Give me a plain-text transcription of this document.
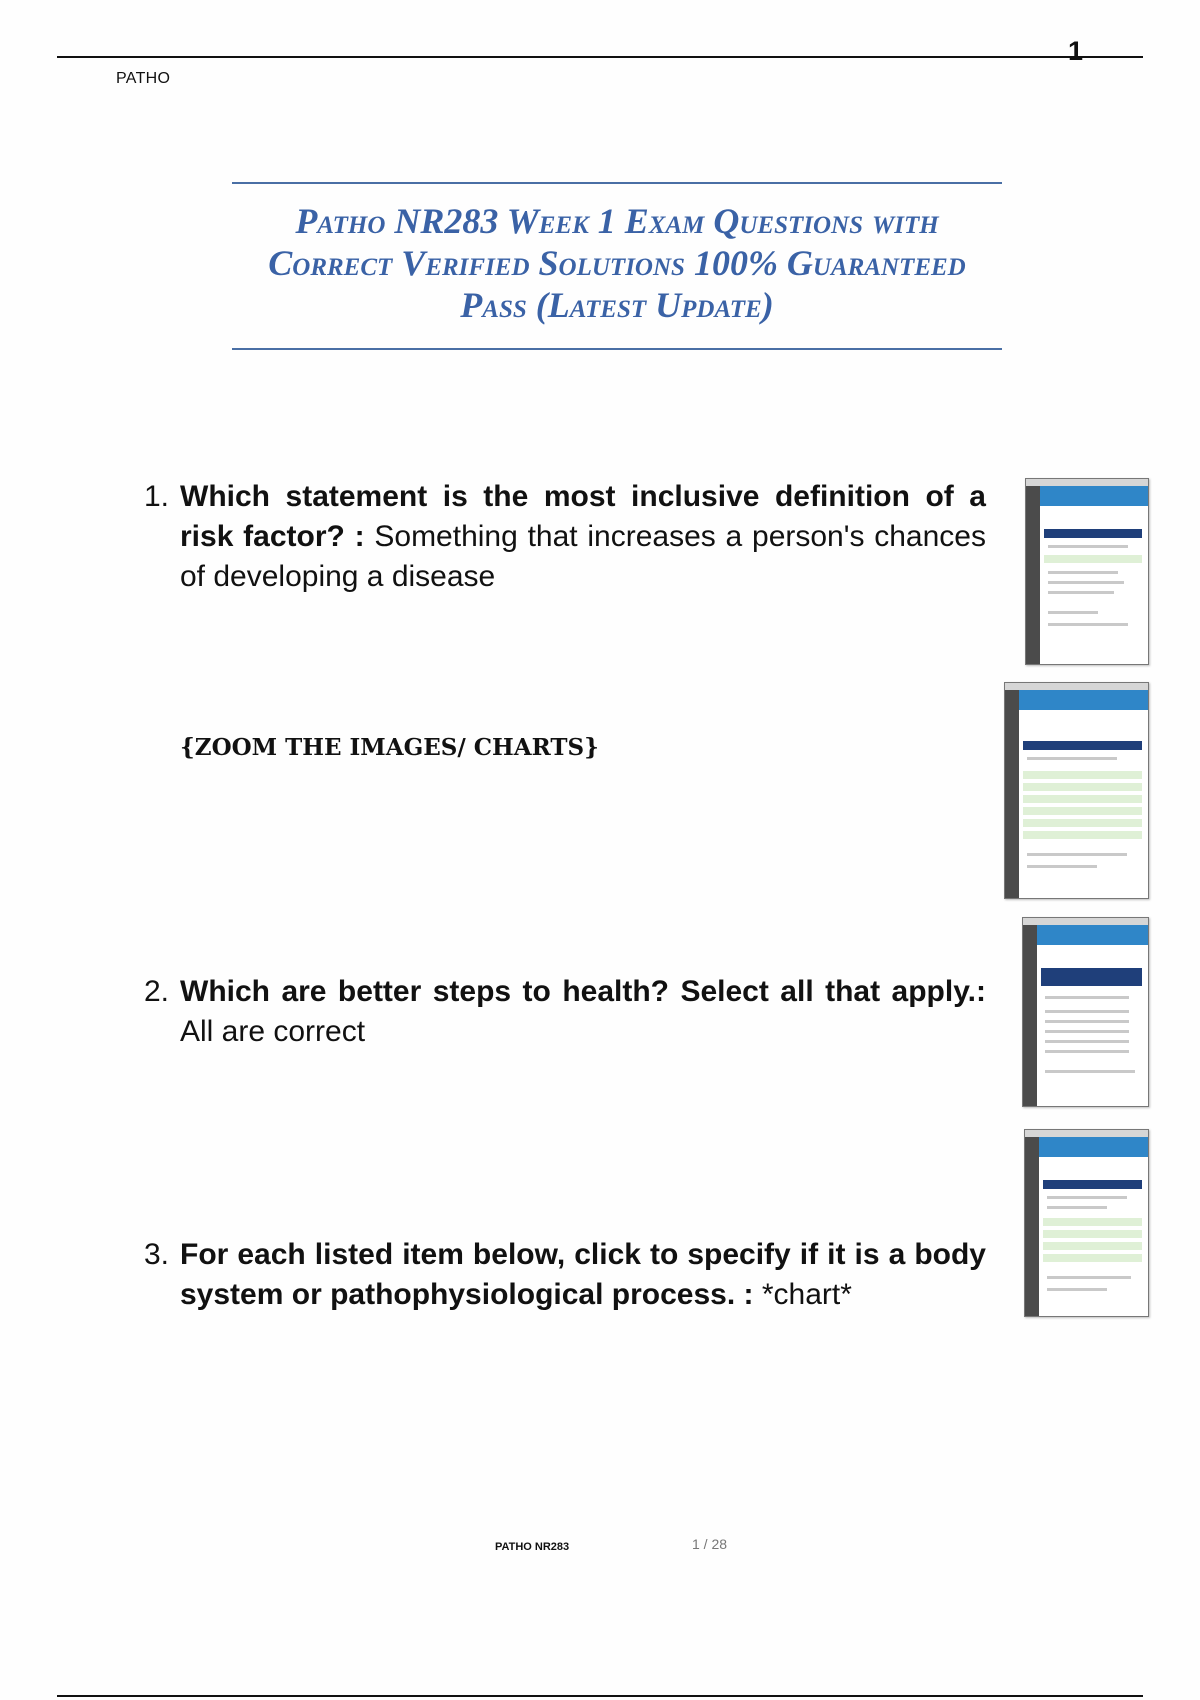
PATHO
1
Patho NR283 Week 1 Exam Questions with
Correct Verified Solutions 100% Guaranteed
Pass (Latest Update)
1. Which statement is the most inclusive definition of a risk factor? : Something that increases a person's chances of developing a disease
{ZOOM THE IMAGES/ CHARTS}
2. Which are better steps to health? Select all that apply.: All are correct
3. For each listed item below, click to specify if it is a body system or pathophysiological process. : *chart*
PATHO NR283	1 / 28
